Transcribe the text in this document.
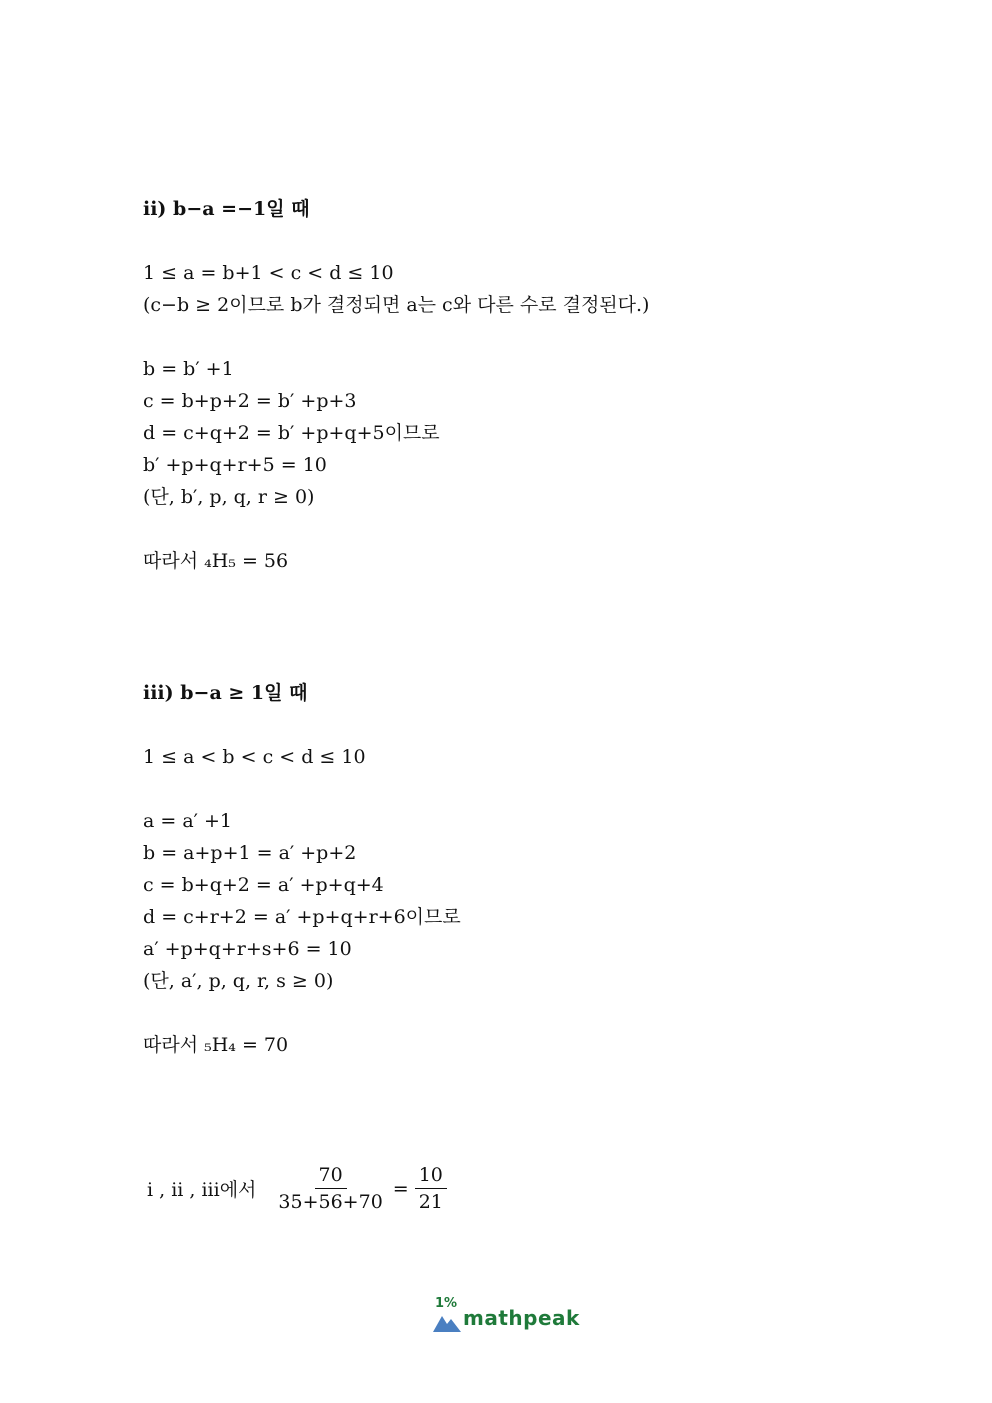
ii) b−a =−1일 때
1 ≤ a = b+1 < c < d ≤ 10
(c−b ≥ 2이므로 b가 결정되면 a는 c와 다른 수로 결정된다.)
b = b′ +1
c = b+p+2 = b′ +p+3
d = c+q+2 = b′ +p+q+5이므로
b′ +p+q+r+5 = 10
(단, b′, p, q, r ≥ 0)
따라서 ₄H₅ = 56
iii) b−a ≥ 1일 때
1 ≤ a < b < c < d ≤ 10
a = a′ +1
b = a+p+1 = a′ +p+2
c = b+q+2 = a′ +p+q+4
d = c+r+2 = a′ +p+q+r+6이므로
a′ +p+q+r+s+6 = 10
(단, a′, p, q, r, s ≥ 0)
따라서 ₅H₄ = 70
i , ii , iii에서 $\frac{70}{35+56+70} = \frac{10}{21}$
1%
mathpeak
